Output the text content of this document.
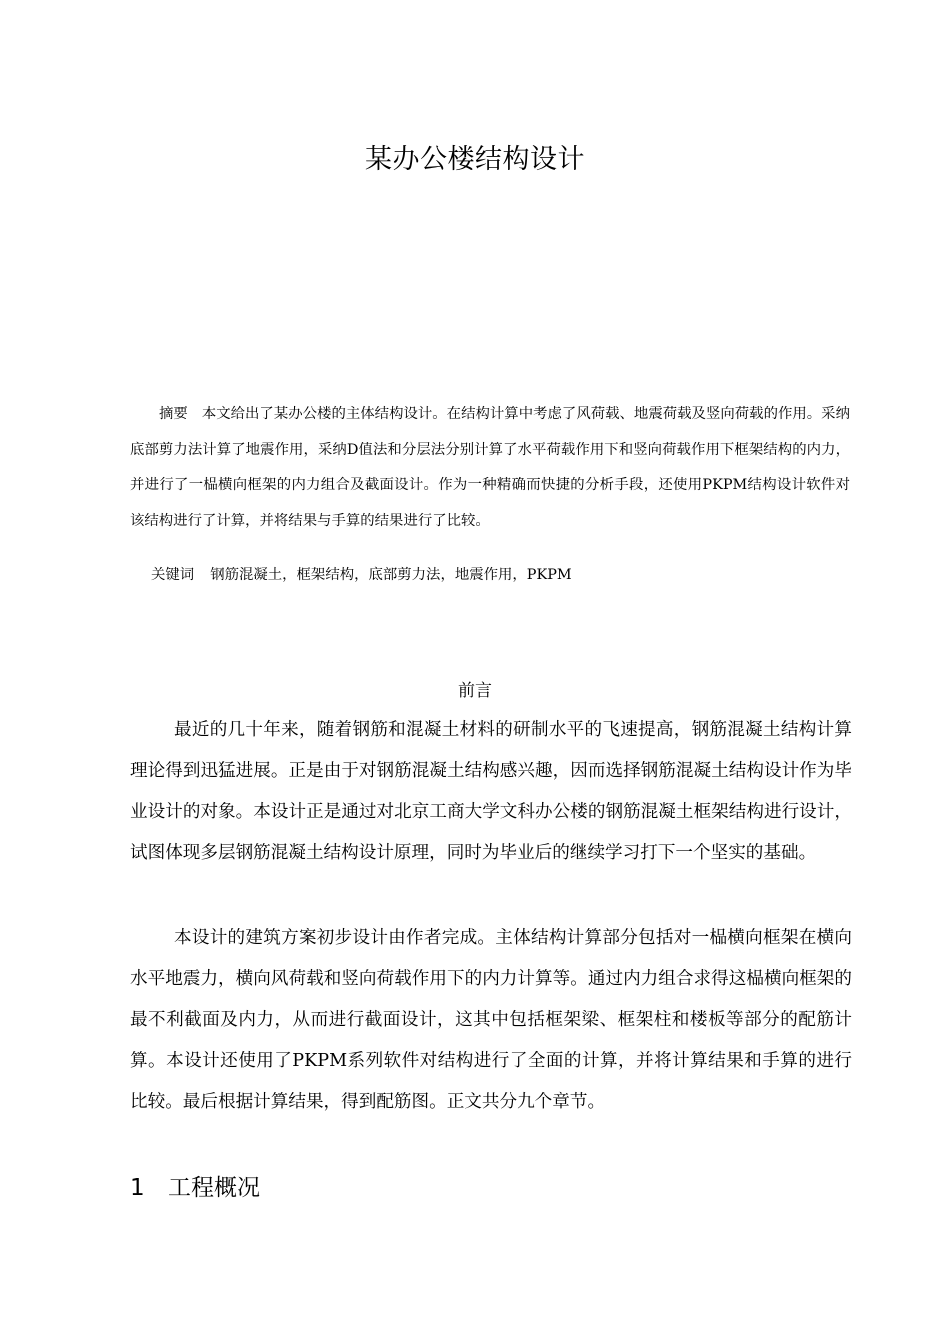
某办公楼结构设计

摘要 本文给出了某办公楼的主体结构设计。在结构计算中考虑了风荷载、地震荷载及竖向荷载的作用。采纳底部剪力法计算了地震作用，采纳D值法和分层法分别计算了水平荷载作用下和竖向荷载作用下框架结构的内力，并进行了一榀横向框架的内力组合及截面设计。作为一种精确而快捷的分析手段，还使用PKPM结构设计软件对该结构进行了计算，并将结果与手算的结果进行了比较。

关键词 钢筋混凝土，框架结构，底部剪力法，地震作用，PKPM
前言

最近的几十年来，随着钢筋和混凝土材料的研制水平的飞速提高，钢筋混凝土结构计算理论得到迅猛进展。正是由于对钢筋混凝土结构感兴趣，因而选择钢筋混凝土结构设计作为毕业设计的对象。本设计正是通过对北京工商大学文科办公楼的钢筋混凝土框架结构进行设计，试图体现多层钢筋混凝土结构设计原理，同时为毕业后的继续学习打下一个坚实的基础。

本设计的建筑方案初步设计由作者完成。主体结构计算部分包括对一榀横向框架在横向水平地震力，横向风荷载和竖向荷载作用下的内力计算等。通过内力组合求得这榀横向框架的最不利截面及内力，从而进行截面设计，这其中包括框架梁、框架柱和楼板等部分的配筋计算。本设计还使用了PKPM系列软件对结构进行了全面的计算，并将计算结果和手算的进行比较。最后根据计算结果，得到配筋图。正文共分九个章节。

1 工程概况
